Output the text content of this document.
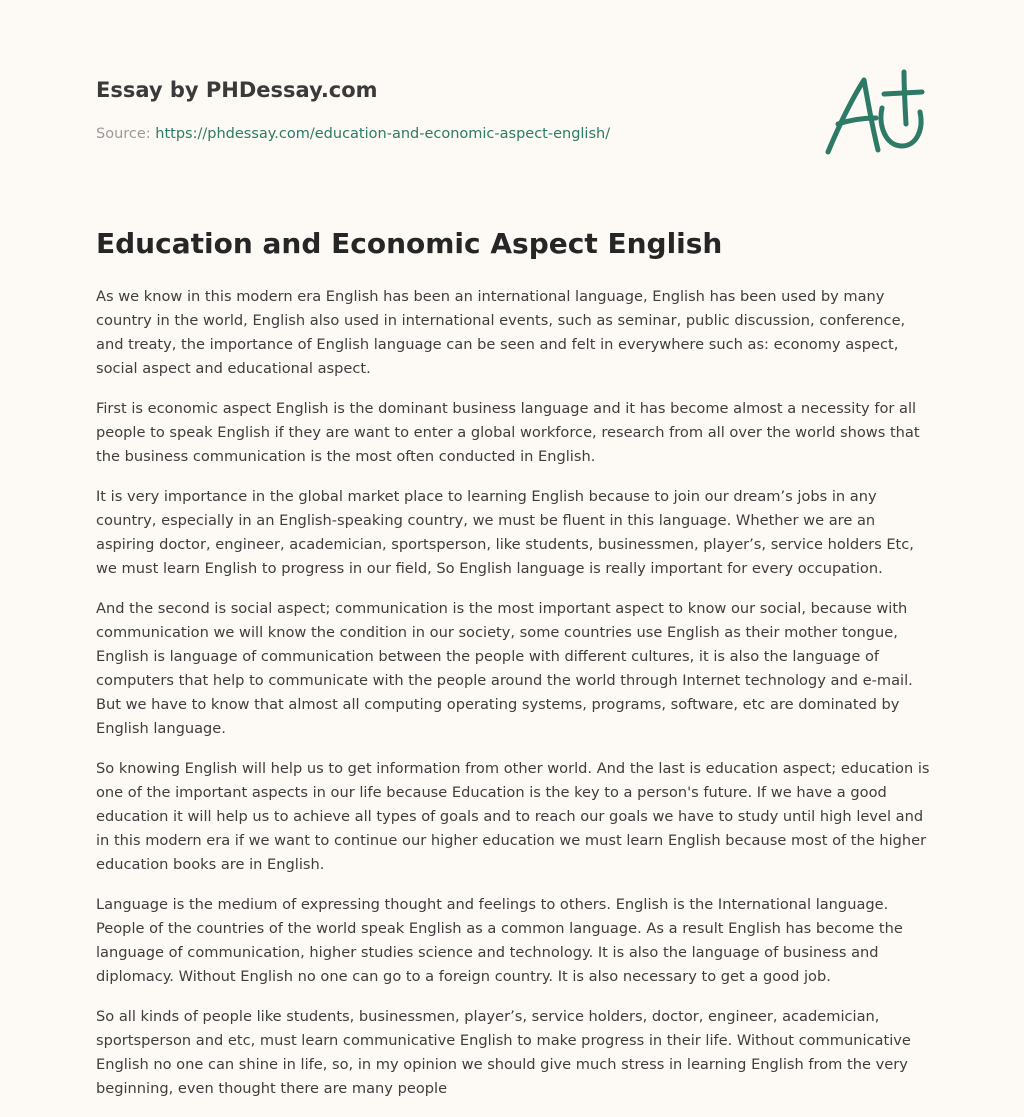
Essay by PHDessay.com

Source: https://phdessay.com/education-and-economic-aspect-english/
Education and Economic Aspect English

As we know in this modern era English has been an international language, English has been used by many country in the world, English also used in international events, such as seminar, public discussion, conference, and treaty, the importance of English language can be seen and felt in everywhere such as: economy aspect, social aspect and educational aspect.

First is economic aspect English is the dominant business language and it has become almost a necessity for all people to speak English if they are want to enter a global workforce, research from all over the world shows that the business communication is the most often conducted in English.

It is very importance in the global market place to learning English because to join our dream’s jobs in any country, especially in an English-speaking country, we must be fluent in this language. Whether we are an aspiring doctor, engineer, academician, sportsperson, like students, businessmen, player’s, service holders Etc, we must learn English to progress in our field, So English language is really important for every occupation.

And the second is social aspect; communication is the most important aspect to know our social, because with communication we will know the condition in our society, some countries use English as their mother tongue, English is language of communication between the people with different cultures, it is also the language of computers that help to communicate with the people around the world through Internet technology and e-mail. But we have to know that almost all computing operating systems, programs, software, etc are dominated by English language.

So knowing English will help us to get information from other world. And the last is education aspect; education is one of the important aspects in our life because Education is the key to a person's future. If we have a good education it will help us to achieve all types of goals and to reach our goals we have to study until high level and in this modern era if we want to continue our higher education we must learn English because most of the higher education books are in English.

Language is the medium of expressing thought and feelings to others. English is the International language. People of the countries of the world speak English as a common language. As a result English has become the language of communication, higher studies science and technology. It is also the language of business and diplomacy. Without English no one can go to a foreign country. It is also necessary to get a good job.

So all kinds of people like students, businessmen, player’s, service holders, doctor, engineer, academician, sportsperson and etc, must learn communicative English to make progress in their life. Without communicative English no one can shine in life, so, in my opinion we should give much stress in learning English from the very beginning, even thought there are many people
